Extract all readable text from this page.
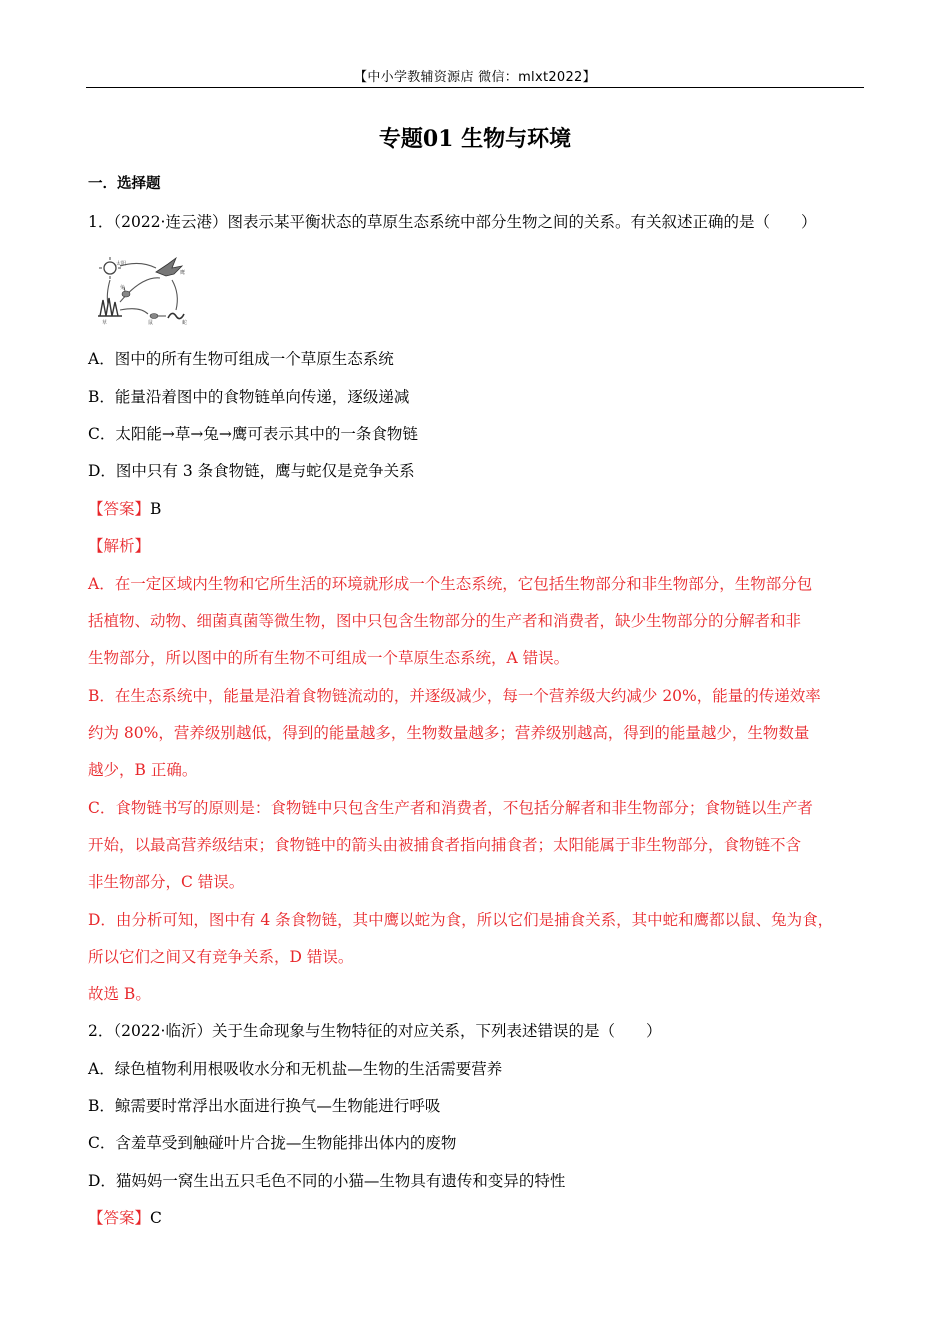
【中小学教辅资源店 微信：mlxt2022】
专题01 生物与环境
一．选择题
1．（2022·连云港）图表示某平衡状态的草原生态系统中部分生物之间的关系。有关叙述正确的是（　　）
太阳
鹰
草
兔
鼠	蛇
A．图中的所有生物可组成一个草原生态系统
B．能量沿着图中的食物链单向传递，逐级递减
C．太阳能→草→兔→鹰可表示其中的一条食物链
D．图中只有 3 条食物链，鹰与蛇仅是竞争关系
【答案】B
【解析】
A．在一定区域内生物和它所生活的环境就形成一个生态系统，它包括生物部分和非生物部分，生物部分包
括植物、动物、细菌真菌等微生物，图中只包含生物部分的生产者和消费者，缺少生物部分的分解者和非
生物部分，所以图中的所有生物不可组成一个草原生态系统，A 错误。
B．在生态系统中，能量是沿着食物链流动的，并逐级减少，每一个营养级大约减少 20%，能量的传递效率
约为 80%，营养级别越低，得到的能量越多，生物数量越多；营养级别越高，得到的能量越少，生物数量
越少，B 正确。
C．食物链书写的原则是：食物链中只包含生产者和消费者，不包括分解者和非生物部分；食物链以生产者
开始，以最高营养级结束；食物链中的箭头由被捕食者指向捕食者；太阳能属于非生物部分，食物链不含
非生物部分，C 错误。
D．由分析可知，图中有 4 条食物链，其中鹰以蛇为食，所以它们是捕食关系，其中蛇和鹰都以鼠、兔为食，
所以它们之间又有竞争关系，D 错误。
故选 B。
2．（2022·临沂）关于生命现象与生物特征的对应关系，下列表述错误的是（　　）
A．绿色植物利用根吸收水分和无机盐—生物的生活需要营养
B．鲸需要时常浮出水面进行换气—生物能进行呼吸
C．含羞草受到触碰叶片合拢—生物能排出体内的废物
D．猫妈妈一窝生出五只毛色不同的小猫—生物具有遗传和变异的特性
【答案】C
